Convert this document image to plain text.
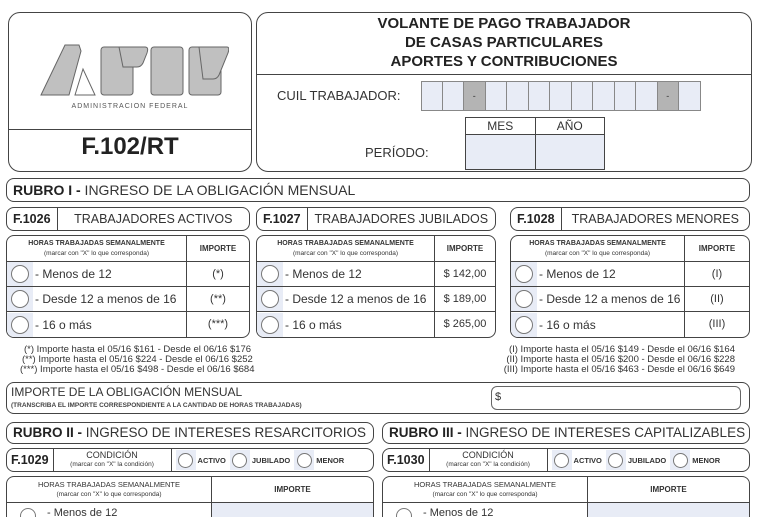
ADMINISTRACION FEDERAL
F.102/RT
VOLANTE DE PAGO TRABAJADOR
DE CASAS PARTICULARES
APORTES Y CONTRIBUCIONES
CUIL TRABAJADOR:	-	-
PERÍODO:
MES	AÑO
RUBRO I - INGRESO DE LA OBLIGACIÓN MENSUAL
F.1026	TRABAJADORES ACTIVOS
HORAS TRABAJADAS SEMANALMENTE
(marcar con "X" lo que corresponda)
IMPORTE
- Menos de 12	(*)
- Desde 12 a menos de 16	(**)
- 16 o más	(***)
F.1027	TRABAJADORES JUBILADOS
HORAS TRABAJADAS SEMANALMENTE
(marcar con "X" lo que corresponda)
IMPORTE
- Menos de 12	$ 142,00
- Desde 12 a menos de 16	$ 189,00
- 16 o más	$ 265,00
F.1028	TRABAJADORES MENORES
HORAS TRABAJADAS SEMANALMENTE
(marcar con "X" lo que corresponda)
IMPORTE
- Menos de 12	(I)
- Desde 12 a menos de 16	(II)
- 16 o más	(III)
(*) Importe hasta el 05/16 $161 - Desde el 06/16 $176
(**) Importe hasta el 05/16 $224 - Desde el 06/16 $252
(***) Importe hasta el 05/16 $498 - Desde el 06/16 $684
(I) Importe hasta el 05/16 $149 - Desde el 06/16 $164
(II) Importe hasta el 05/16 $200 - Desde el 06/16 $228
(III) Importe hasta el 05/16 $463 - Desde el 06/16 $649
IMPORTE DE LA OBLIGACIÓN MENSUAL
(TRANSCRIBA EL IMPORTE CORRESPONDIENTE A LA CANTIDAD DE HORAS TRABAJADAS)
$
RUBRO II - INGRESO DE INTERESES RESARCITORIOS
F.1029	CONDICIÓN
(marcar con "X" la condición)	ACTIVO	JUBILADO	MENOR
HORAS TRABAJADAS SEMANALMENTE
(marcar con "X" lo que corresponda)
IMPORTE
- Menos de 12
RUBRO III - INGRESO DE INTERESES CAPITALIZABLES
F.1030	CONDICIÓN
(marcar con "X" la condición)	ACTIVO	JUBILADO	MENOR
HORAS TRABAJADAS SEMANALMENTE
(marcar con "X" lo que corresponda)
IMPORTE
- Menos de 12
